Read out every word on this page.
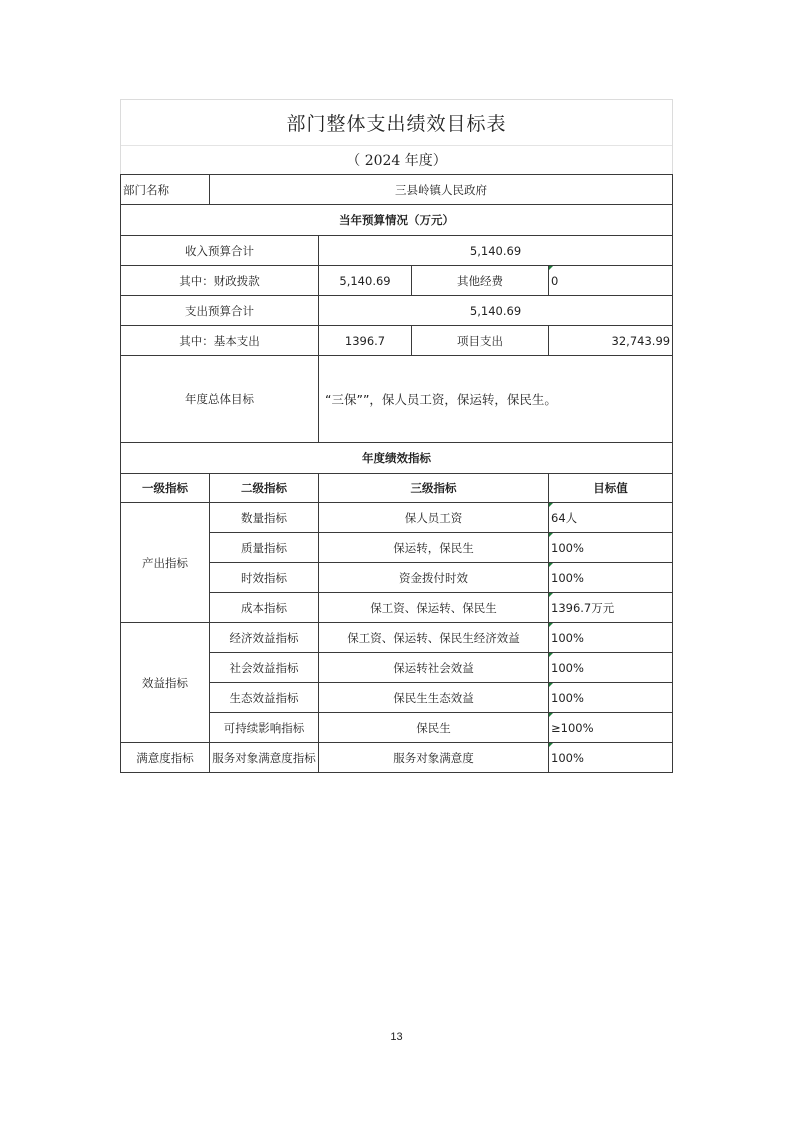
部门整体支出绩效目标表				
（ 2024 年度）				
部门名称	三县岭镇人民政府			
当年预算情况（万元）				
收入预算合计		5,140.69		
其中：财政拨款		5,140.69	其他经费	0
支出预算合计		5,140.69		
其中：基本支出		1396.7	项目支出	32,743.99
年度总体目标		“三保””，保人员工资，保运转，保民生。		
年度绩效指标				
一级指标	二级指标	三级指标		目标值
产出指标	数量指标	保人员工资		64人
	质量指标	保运转，保民生		100%
	时效指标	资金拨付时效		100%
	成本指标	保工资、保运转、保民生		1396.7万元
效益指标	经济效益指标	保工资、保运转、保民生经济效益		100%
	社会效益指标	保运转社会效益		100%
	生态效益指标	保民生生态效益		100%
	可持续影响指标	保民生		≥100%
满意度指标	服务对象满意度指标	服务对象满意度		100%
13
